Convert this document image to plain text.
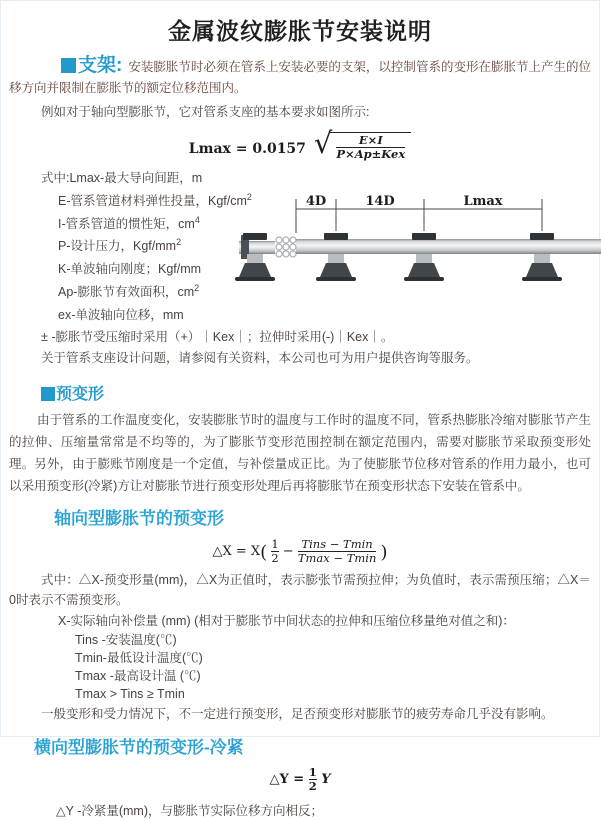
金属波纹膨胀节安装说明

支架: 安装膨胀节时必须在管系上安装必要的支架，以控制管系的变形在膨胀节上产生的位移方向并限制在膨胀节的额定位移范围内。

例如对于轴向型膨胀节，它对管系支座的基本要求如图所示:

Lmax = 0.0157 √ $\frac{E\times I}{\text{P×Ap±Kex}}$
式中:Lmax-最大导向间距，m
E-管系管道材料弹性投量，Kgf/$cm^2$
I-管系管道的惯性矩，$cm^4$
P-设计压力，Kgf/$mm^2$
K-单波轴向刚度；Kgf/mm
Ap-膨胀节有效面积，$cm^2$
ex-单波轴向位移，mm
4D	14D	Lmax

± -膨胀节受压缩时采用（+）｜Kex｜；拉伸时采用(-)｜Kex｜。

关于管系支座设计问题，请参阅有关资料，本公司也可为用户提供咨询等服务。

预变形

由于管系的工作温度变化，安装膨胀节时的温度与工作时的温度不同，管系热膨胀冷缩对膨胀节产生的拉伸、压缩量常常是不均等的，为了膨胀节变形范围控制在额定范围内，需要对膨胀节采取预变形处理。另外，由于膨账节刚度是一个定值，与补偿量成正比。为了使膨胀节位移对管系的作用力最小，也可以采用预变形(冷紧)方让对膨胀节进行预变形处理后再将膨胀节在预变形状态下安装在管系中。

轴向型膨胀节的预变形
△X = $X( \frac{1}{2} - \frac{\text{Tins − Tmin}}{Tmax - Tmin}$ )

式中：△X-预变形量(mm)，△X为正值时，表示膨张节需预拉伸；为负值时，表示需预压缩；△X＝0时表示不需预变形。

X-实际轴向补偿量 (mm) (相对于膨胀节中间状态的拉伸和压缩位移量绝对值之和)：
Tins -安装温度(℃)
Tmin-最低设计温度(℃)
Tmax -最高设计温 (℃)
Tmax > Tins ≥ Tmin

一般变形和受力情况下，不一定进行预变形，足否预变形对膨胀节的疲劳寿命几乎没有影响。

横向型膨胀节的预变形-冷紧
△Y = $\frac{1}{2}$ Y

△Y -冷紧量(mm)，与膨胀节实际位移方向相反；
